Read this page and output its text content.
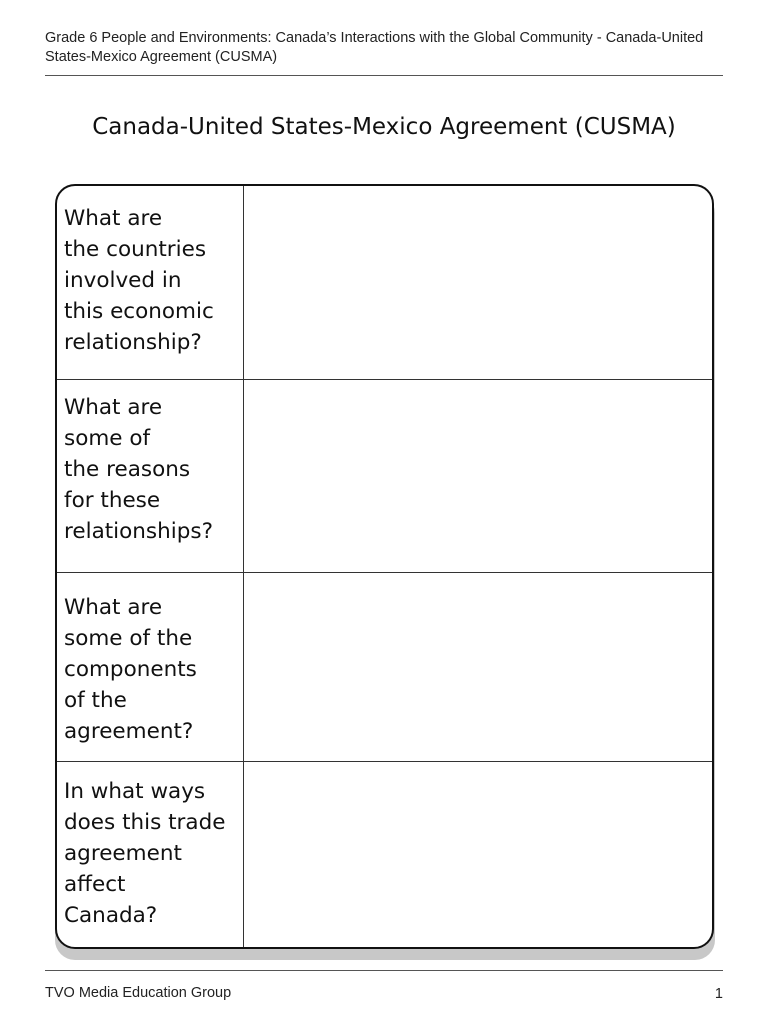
Grade 6 People and Environments: Canada’s Interactions with the Global Community - Canada-United States-Mexico Agreement (CUSMA)
Canada-United States-Mexico Agreement (CUSMA)
What are
the countries
involved in
this economic
relationship?
What are
some of
the reasons
for these
relationships?
What are
some of the
components
of the
agreement?
In what ways
does this trade
agreement
affect
Canada?
TVO Media Education Group	1
